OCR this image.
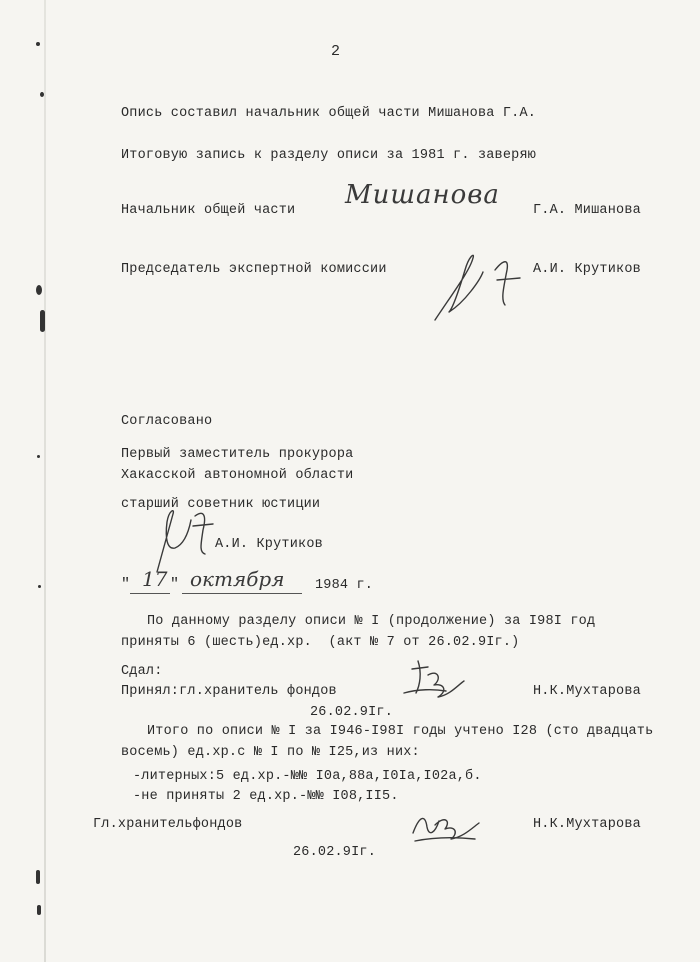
2
Опись составил начальник общей части Мишанова Г.А.
Итоговую запись к разделу описи за 1981 г. заверяю
Начальник общей части
Мишанова
Г.А. Мишанова
Председатель экспертной комиссии	А.И. Крутиков
Согласовано
Первый заместитель прокурора
Хакасской автономной области
старший советник юстиции
А.И. Крутиков
" 17 " октября 1984 г.
По данному разделу описи № I (продолжение) за I98I год
приняты 6 (шесть)ед.хр.  (акт № 7 от 26.02.9Iг.)
Сдал:
Принял:гл.хранитель фондов	Н.К.Мухтарова
26.02.9Iг.
Итого по описи № I за I946-I98I годы учтено I28 (сто двадцать
восемь) ед.хр.с № I по № I25,из них:
-литерных:5 ед.хр.-№№ I0а,88а,I0Iа,I02а,б.
-не приняты 2 ед.хр.-№№ I08,II5.
Гл.хранительфондов	Н.К.Мухтарова
26.02.9Iг.
